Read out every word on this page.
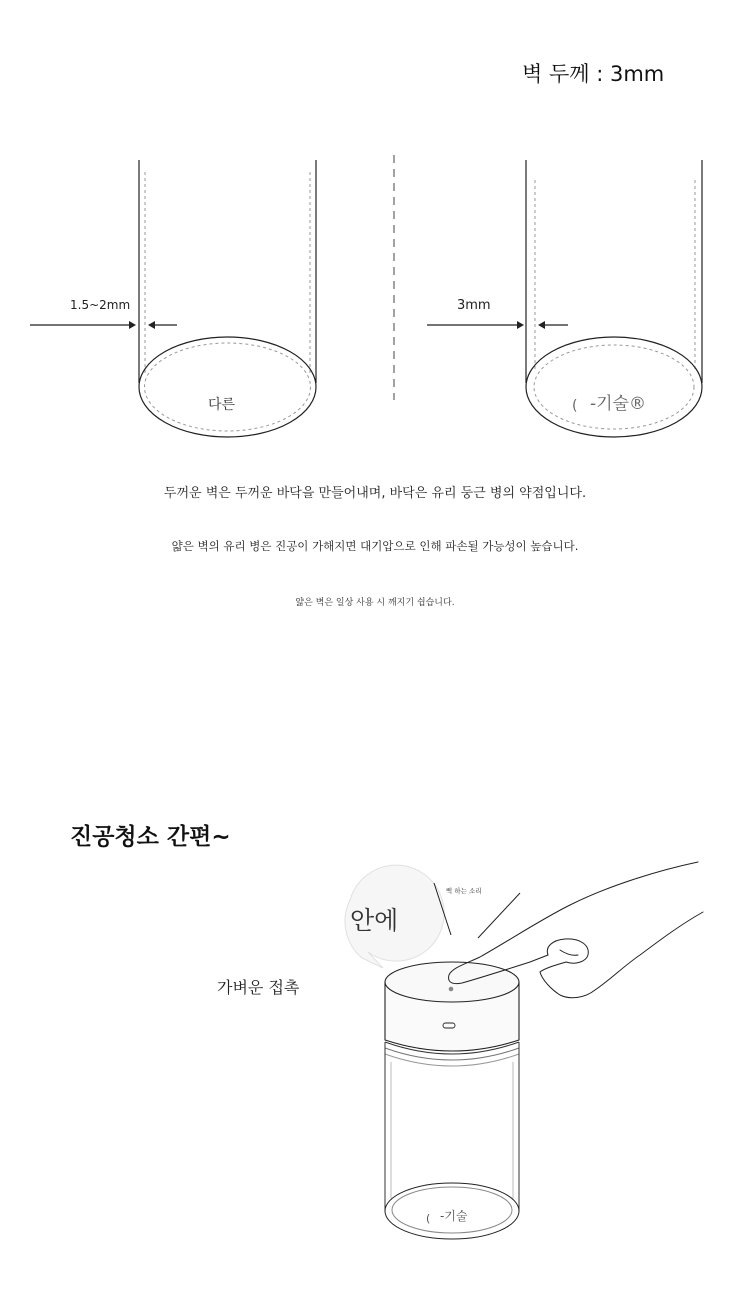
벽 두께 : 3mm
1.5~2mm
다른
3mm
( -기술®
안에
삑 하는 소리
( -기술
두꺼운 벽은 두꺼운 바닥을 만들어내며, 바닥은 유리 둥근 병의 약점입니다.
얇은 벽의 유리 병은 진공이 가해지면 대기압으로 인해 파손될 가능성이 높습니다.
얇은 벽은 일상 사용 시 깨지기 쉽습니다.
진공청소 간편~
가벼운 접촉
